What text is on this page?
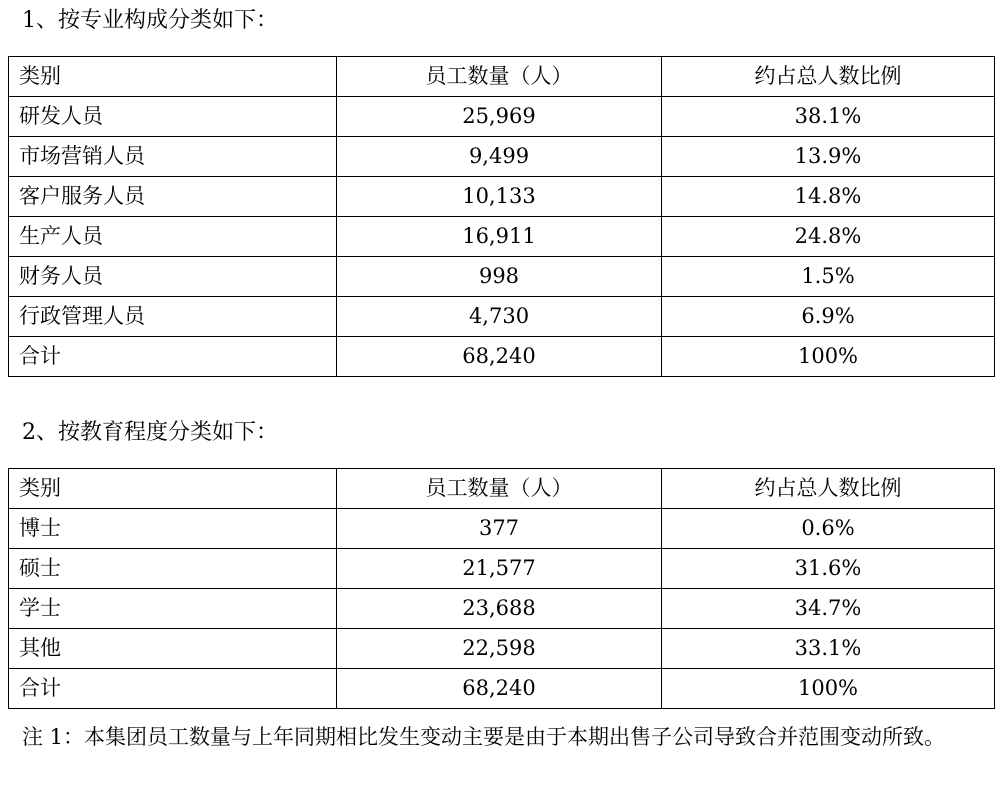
1、按专业构成分类如下：
类别	员工数量（人）	约占总人数比例
研发人员	25,969	38.1%
市场营销人员	9,499	13.9%
客户服务人员	10,133	14.8%
生产人员	16,911	24.8%
财务人员	998	1.5%
行政管理人员	4,730	6.9%
合计	68,240	100%
2、按教育程度分类如下：
类别	员工数量（人）	约占总人数比例
博士	377	0.6%
硕士	21,577	31.6%
学士	23,688	34.7%
其他	22,598	33.1%
合计	68,240	100%

注 1：本集团员工数量与上年同期相比发生变动主要是由于本期出售子公司导致合并范围变动所致。
